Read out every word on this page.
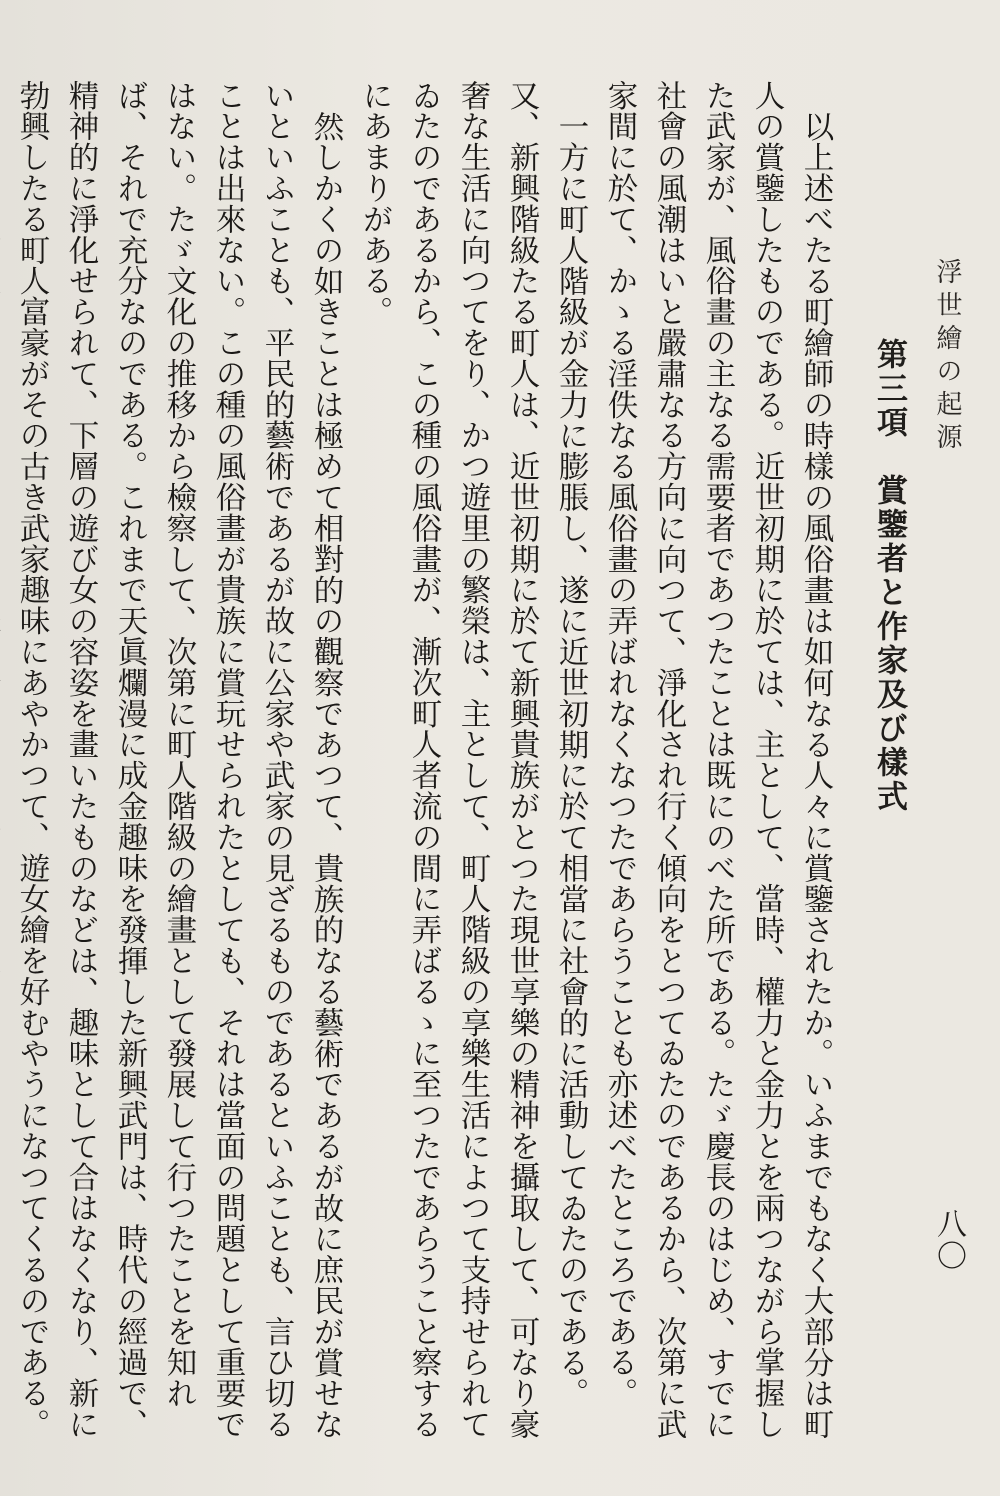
浮世繪の起源
八〇
第三項　賞鑒者と作家及び樣式

以上述べたる町繪師の時樣の風俗畫は如何なる人々に賞鑒されたか。いふまでもなく大部分は町人の賞鑒したものである。近世初期に於ては、主として、當時、權力と金力とを兩つながら掌握した武家が、風俗畫の主なる需要者であつたことは既にのべた所である。たゞ慶長のはじめ、すでに社會の風潮はいと嚴肅なる方向に向つて、淨化され行く傾向をとつてゐたのであるから、次第に武家間に於て、かゝる淫佚なる風俗畫の弄ばれなくなつたであらうことも亦述べたところである。

一方に町人階級が金力に膨脹し、遂に近世初期に於て相當に社會的に活動してゐたのである。又、新興階級たる町人は、近世初期に於て新興貴族がとつた現世享樂の精神を攝取して、可なり豪奢な生活に向つてをり、かつ遊里の繁榮は、主として、町人階級の享樂生活によつて支持せられてゐたのであるから、この種の風俗畫が、漸次町人者流の間に弄ばるゝに至つたであらうこと察するにあまりがある。

然しかくの如きことは極めて相對的の觀察であつて、貴族的なる藝術であるが故に庶民が賞せないといふことも、平民的藝術であるが故に公家や武家の見ざるものであるといふことも、言ひ切ることは出來ない。この種の風俗畫が貴族に賞玩せられたとしても、それは當面の問題として重要ではない。たゞ文化の推移から檢察して、次第に町人階級の繪畫として發展して行つたことを知れば、それで充分なのである。これまで天眞爛漫に成金趣味を發揮した新興武門は、時代の經過で、精神的に淨化せられて、下層の遊び女の容姿を畫いたものなどは、趣味として合はなくなり、新に勃興したる町人富豪がその古き武家趣味にあやかつて、遊女繪を好むやうになつてくるのである。
